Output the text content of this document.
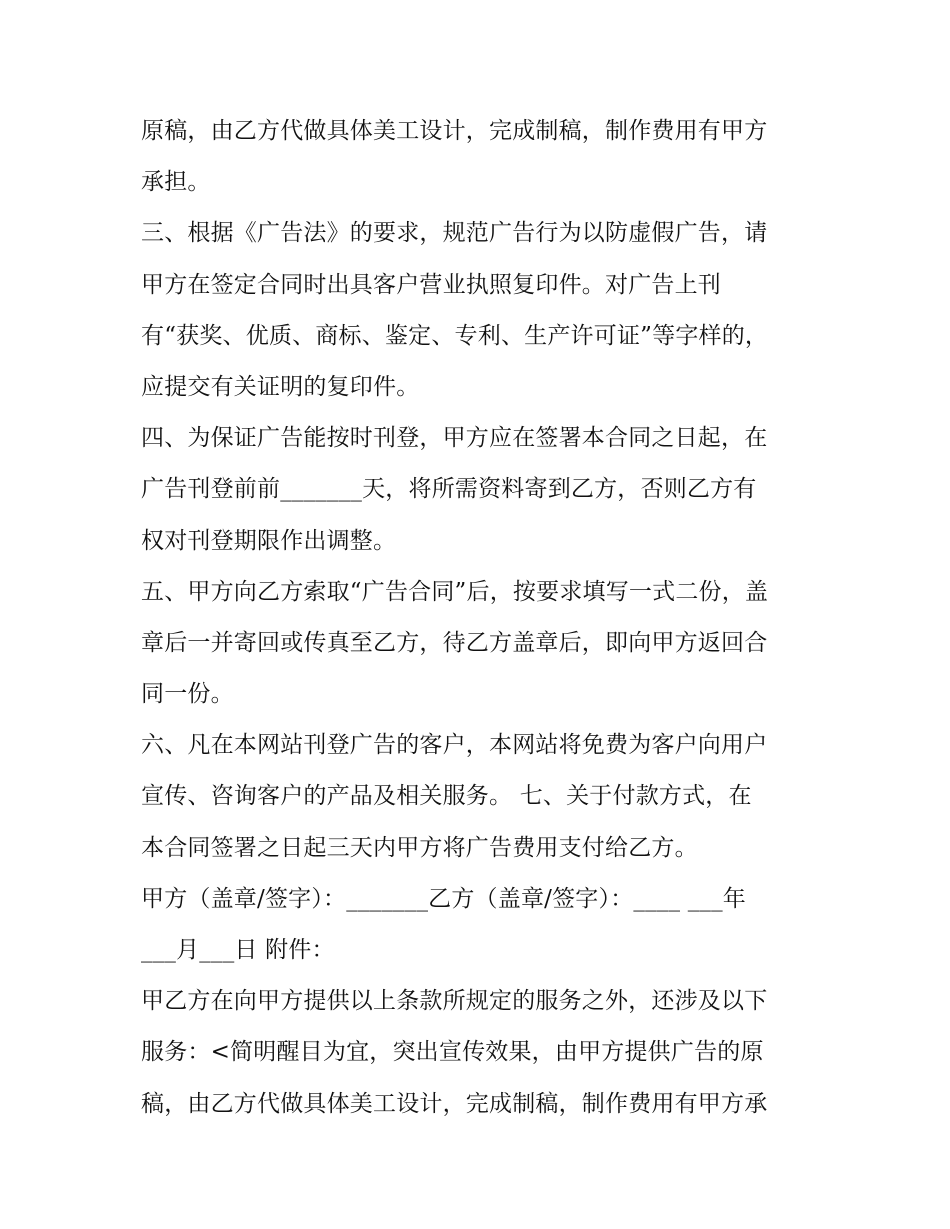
原稿，由乙方代做具体美工设计，完成制稿，制作费用有甲方
承担。
三、根据《广告法》的要求，规范广告行为以防虚假广告，请
甲方在签定合同时出具客户营业执照复印件。对广告上刊
有“获奖、优质、商标、鉴定、专利、生产许可证”等字样的，
应提交有关证明的复印件。
四、为保证广告能按时刊登，甲方应在签署本合同之日起，在
广告刊登前前_______天，将所需资料寄到乙方，否则乙方有
权对刊登期限作出调整。
五、甲方向乙方索取“广告合同”后，按要求填写一式二份，盖
章后一并寄回或传真至乙方，待乙方盖章后，即向甲方返回合
同一份。
六、凡在本网站刊登广告的客户，本网站将免费为客户向用户
宣传、咨询客户的产品及相关服务。 七、关于付款方式，在
本合同签署之日起三天内甲方将广告费用支付给乙方。
甲方（盖章/签字）：_______乙方（盖章/签字）：____ ___年
___月___日 附件：
甲乙方在向甲方提供以上条款所规定的服务之外，还涉及以下
服务：<简明醒目为宜，突出宣传效果，由甲方提供广告的原
稿，由乙方代做具体美工设计，完成制稿，制作费用有甲方承
